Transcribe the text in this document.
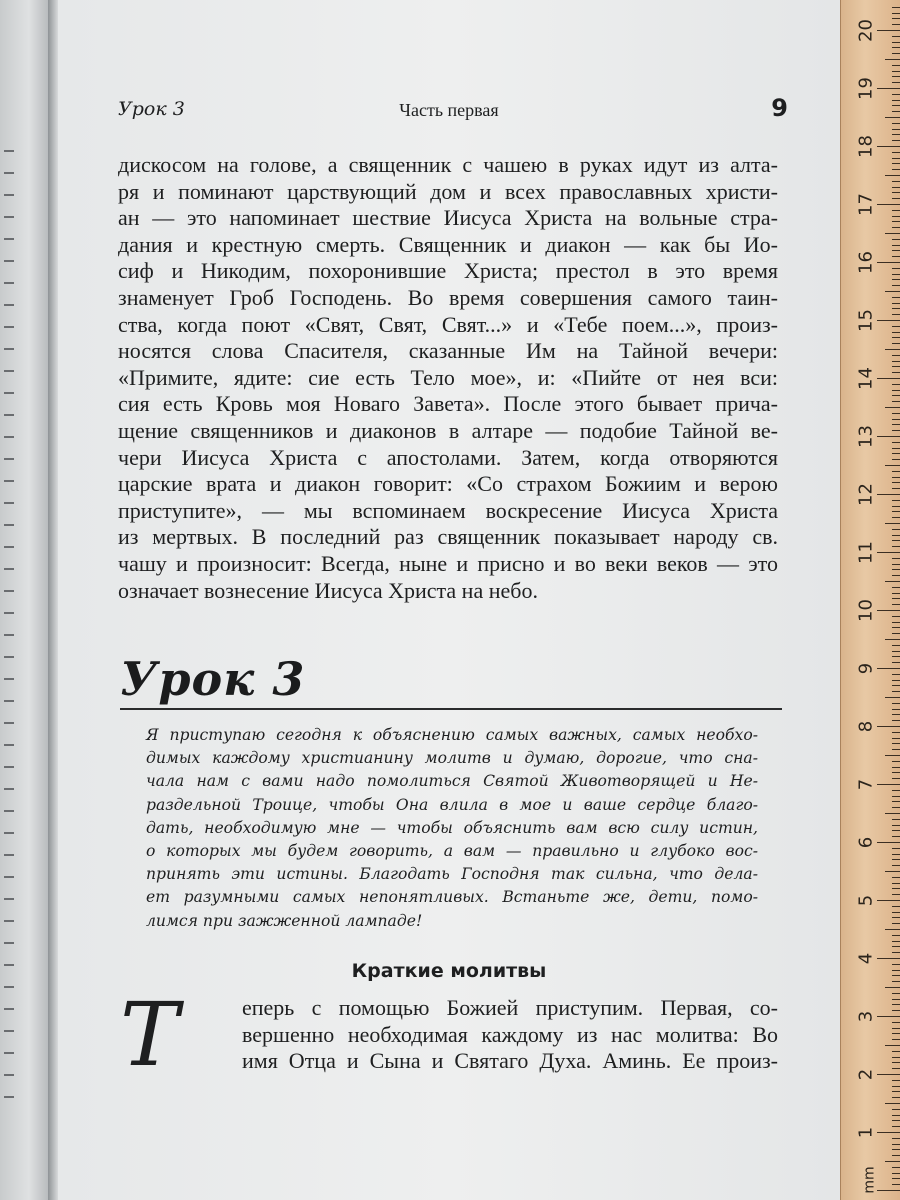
Урок 3	Часть первая	9
дискосом на голове, а священник с чашею в руках идут из алта-
ря и поминают царствующий дом и всех православных христи-
ан — это напоминает шествие Иисуса Христа на вольные стра-
дания и крестную смерть. Священник и диакон — как бы Ио-
сиф и Никодим, похоронившие Христа; престол в это время
знаменует Гроб Господень. Во время совершения самого таин-
ства, когда поют «Свят, Свят, Свят...» и «Тебе поем...», произ-
носятся слова Спасителя, сказанные Им на Тайной вечери:
«Примите, ядите: сие есть Тело мое», и: «Пийте от нея вси:
сия есть Кровь моя Новаго Завета». После этого бывает прича-
щение священников и диаконов в алтаре — подобие Тайной ве-
чери Иисуса Христа с апостолами. Затем, когда отворяются
царские врата и диакон говорит: «Со страхом Божиим и верою
приступите», — мы вспоминаем воскресение Иисуса Христа
из мертвых. В последний раз священник показывает народу св.
чашу и произносит: Всегда, ныне и присно и во веки веков — это
означает вознесение Иисуса Христа на небо.
Урок 3
Я приступаю сегодня к объяснению самых важных, самых необхо-
димых каждому христианину молитв и думаю, дорогие, что сна-
чала нам с вами надо помолиться Святой Животворящей и Не-
раздельной Троице, чтобы Она влила в мое и ваше сердце благо-
дать, необходимую мне — чтобы объяснить вам всю силу истин,
о которых мы будем говорить, а вам — правильно и глубоко вос-
принять эти истины. Благодать Господня так сильна, что дела-
ет разумными самых непонятливых. Встаньте же, дети, помо-
лимся при зажженной лампаде!
Краткие молитвы
Т	еперь с помощью Божией приступим. Первая, со-
вершенно необходимая каждому из нас молитва: Во
имя Отца и Сына и Святаго Духа. Аминь. Ее произ-
mm
20
19
18
17
16
15
14
13
12
11
10
9
8
7
6
5
4
3
2
1
